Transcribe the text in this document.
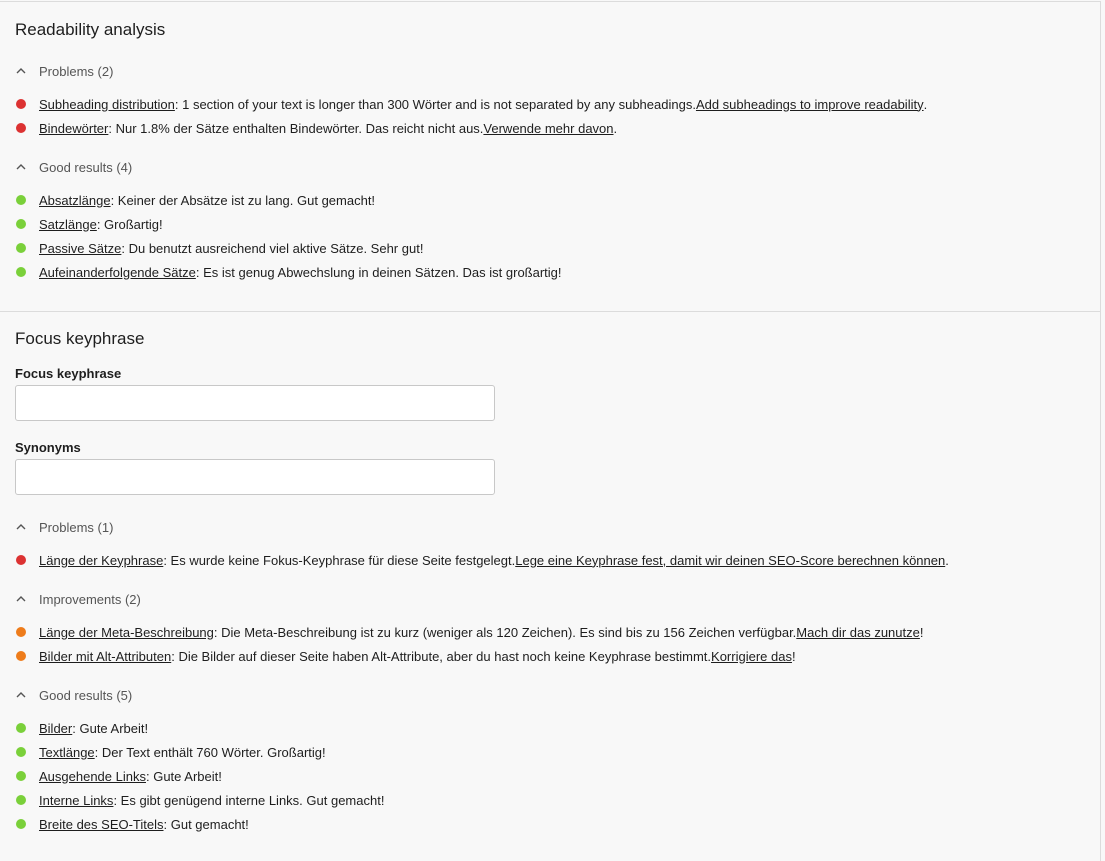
Readability analysis
Problems (2)
Subheading distribution : 1 section of your text is longer than 300 Wörter and is not separated by any subheadings. Add subheadings to improve readability .
Bindewörter : Nur 1.8% der Sätze enthalten Bindewörter. Das reicht nicht aus. Verwende mehr davon .
Good results (4)
Absatzlänge : Keiner der Absätze ist zu lang. Gut gemacht!
Satzlänge : Großartig!
Passive Sätze : Du benutzt ausreichend viel aktive Sätze. Sehr gut!
Aufeinanderfolgende Sätze : Es ist genug Abwechslung in deinen Sätzen. Das ist großartig!
Focus keyphrase
Focus keyphrase
Synonyms
Problems (1)
Länge der Keyphrase : Es wurde keine Fokus-Keyphrase für diese Seite festgelegt. Lege eine Keyphrase fest, damit wir deinen SEO-Score berechnen können .
Improvements (2)
Länge der Meta-Beschreibung : Die Meta-Beschreibung ist zu kurz (weniger als 120 Zeichen). Es sind bis zu 156 Zeichen verfügbar. Mach dir das zunutze !
Bilder mit Alt-Attributen : Die Bilder auf dieser Seite haben Alt-Attribute, aber du hast noch keine Keyphrase bestimmt. Korrigiere das !
Good results (5)
Bilder : Gute Arbeit!
Textlänge : Der Text enthält 760 Wörter. Großartig!
Ausgehende Links : Gute Arbeit!
Interne Links : Es gibt genügend interne Links. Gut gemacht!
Breite des SEO-Titels : Gut gemacht!
